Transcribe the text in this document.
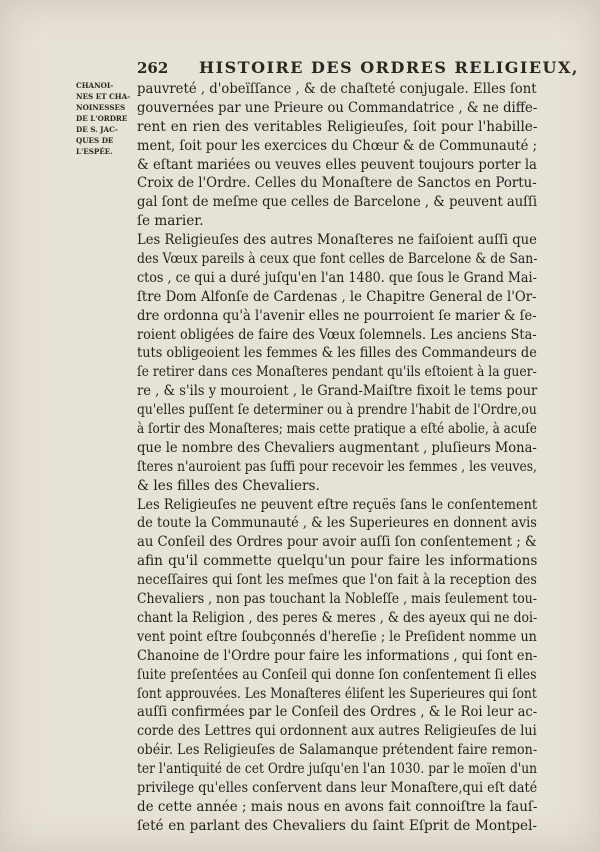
262 HISTOIRE DES ORDRES RELIGIEUX,
CHANOI-
NES ET CHA-
NOINESSES
DE L'ORDRE
DE S. JAC-
QUES DE
L'ESPÉE.
pauvreté , d'obeïſſance , & de chaſteté conjugale. Elles ſont
gouvernées par une Prieure ou Commandatrice , & ne diffe-
rent en rien des veritables Religieuſes, ſoit pour l'habille-
ment, ſoit pour les exercices du Chœur & de Communauté ;
& eſtant mariées ou veuves elles peuvent toujours porter la
Croix de l'Ordre. Celles du Monaſtere de Sanctos en Portu-
gal ſont de meſme que celles de Barcelone , & peuvent auſſi
ſe marier.
Les Religieuſes des autres Monaſteres ne faiſoient auſſi que
des Vœux pareils à ceux que font celles de Barcelone & de San-
ctos , ce qui a duré juſqu'en l'an 1480. que ſous le Grand Mai-
ſtre Dom Alfonſe de Cardenas , le Chapitre General de l'Or-
dre ordonna qu'à l'avenir elles ne pourroient ſe marier & ſe-
roient obligées de faire des Vœux ſolemnels. Les anciens Sta-
tuts obligeoient les femmes & les filles des Commandeurs de
ſe retirer dans ces Monaſteres pendant qu'ils eſtoient à la guer-
re , & s'ils y mouroient , le Grand-Maiſtre fixoit le tems pour
qu'elles puſſent ſe determiner ou à prendre l'habit de l'Ordre,ou
à ſortir des Monaſteres; mais cette pratique a eſté abolie, à acuſe
que le nombre des Chevaliers augmentant , pluſieurs Mona-
ſteres n'auroient pas ſuffi pour recevoir les femmes , les veuves,
& les filles des Chevaliers.
Les Religieuſes ne peuvent eſtre reçuës ſans le conſentement
de toute la Communauté , & les Superieures en donnent avis
au Conſeil des Ordres pour avoir auſſi ſon conſentement ; &
afin qu'il commette quelqu'un pour faire les informations
neceſſaires qui ſont les meſmes que l'on fait à la reception des
Chevaliers , non pas touchant la Nobleſſe , mais ſeulement tou-
chant la Religion , des peres & meres , & des ayeux qui ne doi-
vent point eſtre ſoubçonnés d'hereſie ; le Preſident nomme un
Chanoine de l'Ordre pour faire les informations , qui ſont en-
ſuite preſentées au Conſeil qui donne ſon conſentement ſi elles
ſont approuvées. Les Monaſteres éliſent les Superieures qui ſont
auſſi confirmées par le Conſeil des Ordres , & le Roi leur ac-
corde des Lettres qui ordonnent aux autres Religieuſes de lui
obéir. Les Religieuſes de Salamanque prétendent faire remon-
ter l'antiquité de cet Ordre juſqu'en l'an 1030. par le moïen d'un
privilege qu'elles conſervent dans leur Monaſtere,qui eſt daté
de cette année ; mais nous en avons fait connoiſtre la fauſ-
ſeté en parlant des Chevaliers du ſaint Eſprit de Montpel-
